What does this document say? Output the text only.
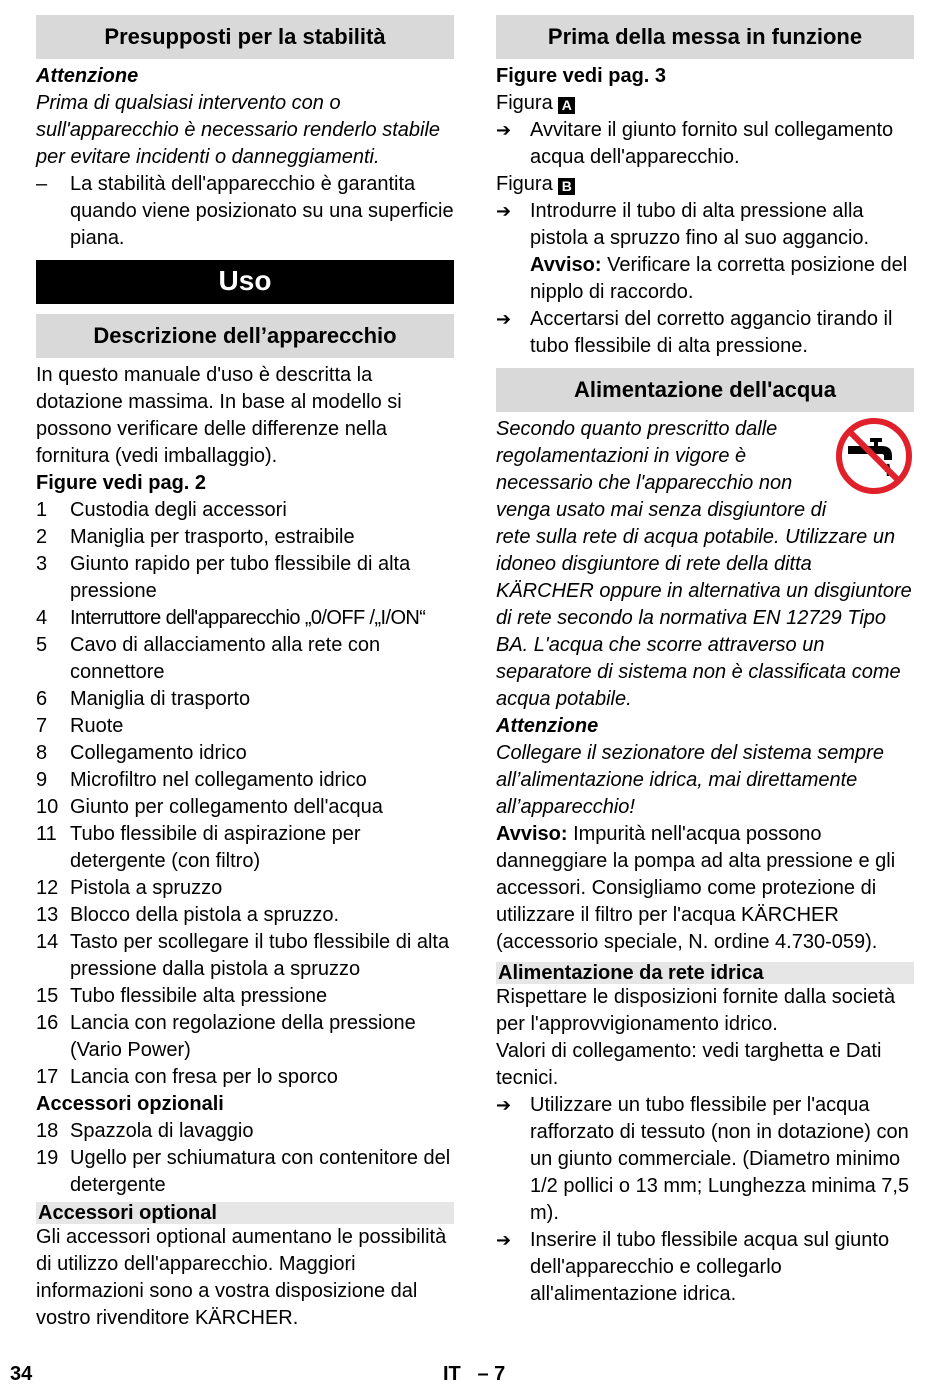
Presupposti per la stabilità

Attenzione

Prima di qualsiasi intervento con o sull'apparecchio è necessario renderlo stabile per evitare incidenti o danneggiamenti.

–	La stabilità dell'apparecchio è garantita quando viene posizionato su una superficie piana.
Uso
Descrizione dell’apparecchio

In questo manuale d'uso è descritta la dotazione massima. In base al modello si possono verificare delle differenze nella fornitura (vedi imballaggio).

Figure vedi pag. 2

1	Custodia degli accessori
2	Maniglia per trasporto, estraibile
3	Giunto rapido per tubo flessibile di alta pressione
4	Interruttore dell'apparecchio „0/OFF /„I/ON“
5	Cavo di allacciamento alla rete con connettore
6	Maniglia di trasporto
7	Ruote
8	Collegamento idrico
9	Microfiltro nel collegamento idrico
10 Giunto per collegamento dell'acqua
11 Tubo flessibile di aspirazione per detergente (con filtro)
12 Pistola a spruzzo
13 Blocco della pistola a spruzzo.
14 Tasto per scollegare il tubo flessibile di alta pressione dalla pistola a spruzzo
15 Tubo flessibile alta pressione
16 Lancia con regolazione della pressione (Vario Power)
17 Lancia con fresa per lo sporco

Accessori opzionali

18 Spazzola di lavaggio
19 Ugello per schiumatura con contenitore del detergente
Accessori optional

Gli accessori optional aumentano le possibilità di utilizzo dell'apparecchio. Maggiori informazioni sono a vostra disposizione dal vostro rivenditore KÄRCHER.

Prima della messa in funzione

Figure vedi pag. 3

Figura A

➔ Avvitare il giunto fornito sul collegamento acqua dell'apparecchio.

Figura B

➔ Introdurre il tubo di alta pressione alla pistola a spruzzo fino al suo aggancio.
Avviso: Verificare la corretta posizione del nipplo di raccordo.
➔ Accertarsi del corretto aggancio tirando il tubo flessibile di alta pressione.
Alimentazione dell'acqua

Secondo quanto prescritto dalle regolamentazioni in vigore è necessario che l'apparecchio non venga usato mai senza disgiuntore di rete sulla rete di acqua potabile. Utilizzare un idoneo disgiuntore di rete della ditta KÄRCHER oppure in alternativa un disgiuntore di rete secondo la normativa EN 12729 Tipo BA. L'acqua che scorre attraverso un separatore di sistema non è classificata come acqua potabile.

Attenzione

Collegare il sezionatore del sistema sempre all’alimentazione idrica, mai direttamente all’apparecchio!

Avviso: Impurità nell'acqua possono danneggiare la pompa ad alta pressione e gli accessori. Consigliamo come protezione di utilizzare il filtro per l'acqua KÄRCHER (accessorio speciale, N. ordine 4.730-059).

Alimentazione da rete idrica

Rispettare le disposizioni fornite dalla società per l'approvvigionamento idrico.

Valori di collegamento: vedi targhetta e Dati tecnici.

➔ Utilizzare un tubo flessibile per l'acqua rafforzato di tessuto (non in dotazione) con un giunto commerciale. (Diametro minimo 1/2 pollici o 13 mm; Lunghezza minima 7,5 m).
➔ Inserire il tubo flessibile acqua sul giunto dell'apparecchio e collegarlo all'alimentazione idrica.
34	IT – 7
